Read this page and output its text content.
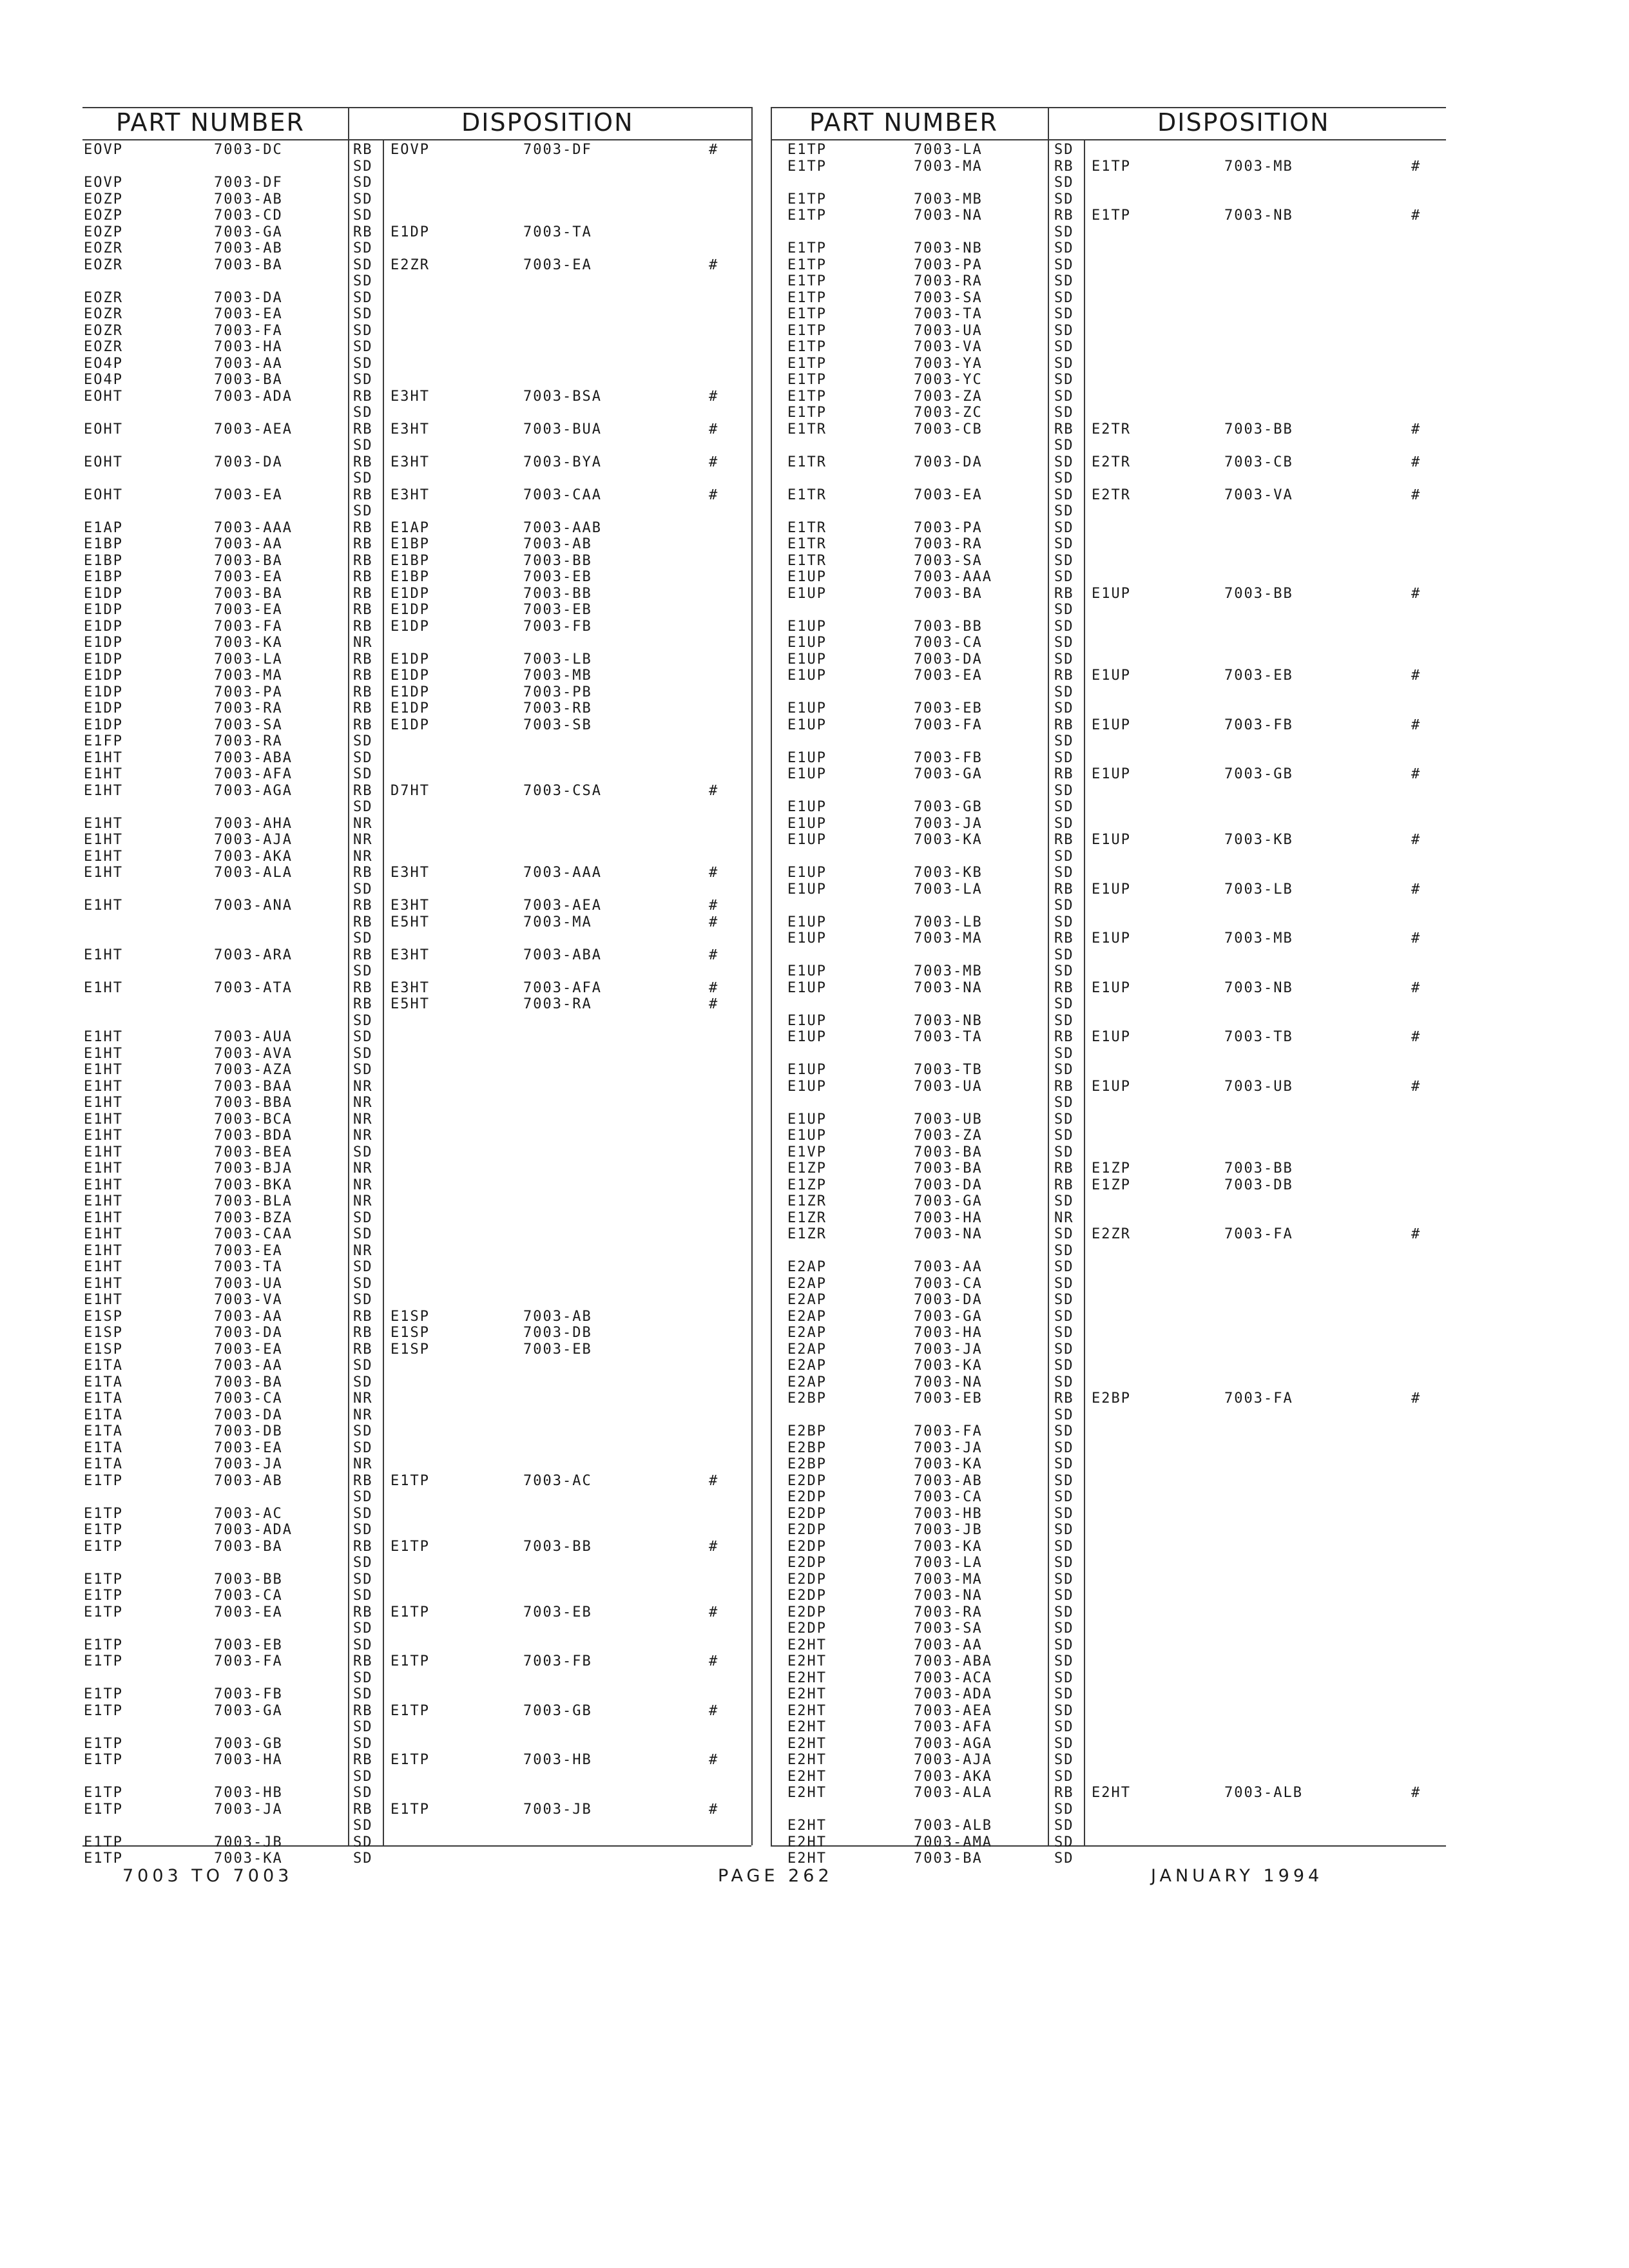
PART NUMBER	DISPOSITION	PART NUMBER	DISPOSITION
EOVP	7003-DC	RB EOVP	7003-DF	#
SD
EOVP	7003-DF	SD
EOZP	7003-AB	SD
EOZP	7003-CD	SD
EOZP	7003-GA	RB E1DP	7003-TA
EOZR	7003-AB	SD
EOZR	7003-BA	SD E2ZR	7003-EA	#
SD
EOZR	7003-DA	SD
EOZR	7003-EA	SD
EOZR	7003-FA	SD
EOZR	7003-HA	SD
EO4P	7003-AA	SD
EO4P	7003-BA	SD
EOHT	7003-ADA	RB E3HT	7003-BSA	#
SD
EOHT	7003-AEA	RB E3HT	7003-BUA	#
SD
EOHT	7003-DA	RB E3HT	7003-BYA	#
SD
EOHT	7003-EA	RB E3HT	7003-CAA	#
SD
E1AP	7003-AAA	RB E1AP	7003-AAB
E1BP	7003-AA	RB E1BP	7003-AB
E1BP	7003-BA	RB E1BP	7003-BB
E1BP	7003-EA	RB E1BP	7003-EB
E1DP	7003-BA	RB E1DP	7003-BB
E1DP	7003-EA	RB E1DP	7003-EB
E1DP	7003-FA	RB E1DP	7003-FB
E1DP	7003-KA	NR
E1DP	7003-LA	RB E1DP	7003-LB
E1DP	7003-MA	RB E1DP	7003-MB
E1DP	7003-PA	RB E1DP	7003-PB
E1DP	7003-RA	RB E1DP	7003-RB
E1DP	7003-SA	RB E1DP	7003-SB
E1FP	7003-RA	SD
E1HT	7003-ABA	SD
E1HT	7003-AFA	SD
E1HT	7003-AGA	RB D7HT	7003-CSA	#
SD
E1HT	7003-AHA	NR
E1HT	7003-AJA	NR
E1HT	7003-AKA	NR
E1HT	7003-ALA	RB E3HT	7003-AAA	#
SD
E1HT	7003-ANA	RB E3HT	7003-AEA	#
RB E5HT	7003-MA	#
SD
E1HT	7003-ARA	RB E3HT	7003-ABA	#
SD
E1HT	7003-ATA	RB E3HT	7003-AFA	#
RB E5HT	7003-RA	#
SD
E1HT	7003-AUA	SD
E1HT	7003-AVA	SD
E1HT	7003-AZA	SD
E1HT	7003-BAA	NR
E1HT	7003-BBA	NR
E1HT	7003-BCA	NR
E1HT	7003-BDA	NR
E1HT	7003-BEA	SD
E1HT	7003-BJA	NR
E1HT	7003-BKA	NR
E1HT	7003-BLA	NR
E1HT	7003-BZA	SD
E1HT	7003-CAA	SD
E1HT	7003-EA	NR
E1HT	7003-TA	SD
E1HT	7003-UA	SD
E1HT	7003-VA	SD
E1SP	7003-AA	RB E1SP	7003-AB
E1SP	7003-DA	RB E1SP	7003-DB
E1SP	7003-EA	RB E1SP	7003-EB
E1TA	7003-AA	SD
E1TA	7003-BA	SD
E1TA	7003-CA	NR
E1TA	7003-DA	NR
E1TA	7003-DB	SD
E1TA	7003-EA	SD
E1TA	7003-JA	NR
E1TP	7003-AB	RB E1TP	7003-AC	#
SD
E1TP	7003-AC	SD
E1TP	7003-ADA	SD
E1TP	7003-BA	RB E1TP	7003-BB	#
SD
E1TP	7003-BB	SD
E1TP	7003-CA	SD
E1TP	7003-EA	RB E1TP	7003-EB	#
SD
E1TP	7003-EB	SD
E1TP	7003-FA	RB E1TP	7003-FB	#
SD
E1TP	7003-FB	SD
E1TP	7003-GA	RB E1TP	7003-GB	#
SD
E1TP	7003-GB	SD
E1TP	7003-HA	RB E1TP	7003-HB	#
SD
E1TP	7003-HB	SD
E1TP	7003-JA	RB E1TP	7003-JB	#
SD
E1TP	7003-JB	SD
E1TP	7003-KA	SD
E1TP	7003-LA	SD
E1TP	7003-MA	RB E1TP	7003-MB	#
SD
E1TP	7003-MB	SD
E1TP	7003-NA	RB E1TP	7003-NB	#
SD
E1TP	7003-NB	SD
E1TP	7003-PA	SD
E1TP	7003-RA	SD
E1TP	7003-SA	SD
E1TP	7003-TA	SD
E1TP	7003-UA	SD
E1TP	7003-VA	SD
E1TP	7003-YA	SD
E1TP	7003-YC	SD
E1TP	7003-ZA	SD
E1TP	7003-ZC	SD
E1TR	7003-CB	RB E2TR	7003-BB	#
SD
E1TR	7003-DA	SD E2TR	7003-CB	#
SD
E1TR	7003-EA	SD E2TR	7003-VA	#
SD
E1TR	7003-PA	SD
E1TR	7003-RA	SD
E1TR	7003-SA	SD
E1UP	7003-AAA	SD
E1UP	7003-BA	RB E1UP	7003-BB	#
SD
E1UP	7003-BB	SD
E1UP	7003-CA	SD
E1UP	7003-DA	SD
E1UP	7003-EA	RB E1UP	7003-EB	#
SD
E1UP	7003-EB	SD
E1UP	7003-FA	RB E1UP	7003-FB	#
SD
E1UP	7003-FB	SD
E1UP	7003-GA	RB E1UP	7003-GB	#
SD
E1UP	7003-GB	SD
E1UP	7003-JA	SD
E1UP	7003-KA	RB E1UP	7003-KB	#
SD
E1UP	7003-KB	SD
E1UP	7003-LA	RB E1UP	7003-LB	#
SD
E1UP	7003-LB	SD
E1UP	7003-MA	RB E1UP	7003-MB	#
SD
E1UP	7003-MB	SD
E1UP	7003-NA	RB E1UP	7003-NB	#
SD
E1UP	7003-NB	SD
E1UP	7003-TA	RB E1UP	7003-TB	#
SD
E1UP	7003-TB	SD
E1UP	7003-UA	RB E1UP	7003-UB	#
SD
E1UP	7003-UB	SD
E1UP	7003-ZA	SD
E1VP	7003-BA	SD
E1ZP	7003-BA	RB E1ZP	7003-BB
E1ZP	7003-DA	RB E1ZP	7003-DB
E1ZR	7003-GA	SD
E1ZR	7003-HA	NR
E1ZR	7003-NA	SD E2ZR	7003-FA	#
SD
E2AP	7003-AA	SD
E2AP	7003-CA	SD
E2AP	7003-DA	SD
E2AP	7003-GA	SD
E2AP	7003-HA	SD
E2AP	7003-JA	SD
E2AP	7003-KA	SD
E2AP	7003-NA	SD
E2BP	7003-EB	RB E2BP	7003-FA	#
SD
E2BP	7003-FA	SD
E2BP	7003-JA	SD
E2BP	7003-KA	SD
E2DP	7003-AB	SD
E2DP	7003-CA	SD
E2DP	7003-HB	SD
E2DP	7003-JB	SD
E2DP	7003-KA	SD
E2DP	7003-LA	SD
E2DP	7003-MA	SD
E2DP	7003-NA	SD
E2DP	7003-RA	SD
E2DP	7003-SA	SD
E2HT	7003-AA	SD
E2HT	7003-ABA	SD
E2HT	7003-ACA	SD
E2HT	7003-ADA	SD
E2HT	7003-AEA	SD
E2HT	7003-AFA	SD
E2HT	7003-AGA	SD
E2HT	7003-AJA	SD
E2HT	7003-AKA	SD
E2HT	7003-ALA	RB E2HT	7003-ALB	#
SD
E2HT	7003-ALB	SD
E2HT	7003-AMA	SD
E2HT	7003-BA	SD
7003 TO 7003	PAGE 262	JANUARY 1994
